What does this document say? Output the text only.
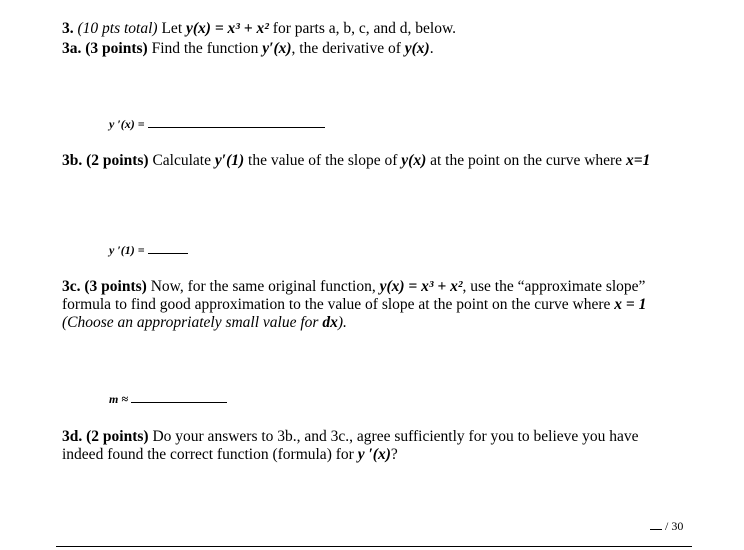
3. (10 pts total) Let y(x) = x³ + x² for parts a, b, c, and d, below.
3a. (3 points) Find the function y′(x), the derivative of y(x).
y ′(x) =
3b. (2 points) Calculate y′(1) the value of the slope of y(x) at the point on the curve where x=1
y ′(1) =
3c. (3 points) Now, for the same original function, y(x) = x³ + x², use the “approximate slope”
formula to find good approximation to the value of slope at the point on the curve where x = 1
(Choose an appropriately small value for dx).
m ≈
3d. (2 points) Do your answers to 3b., and 3c., agree sufficiently for you to believe you have
indeed found the correct function (formula) for y ′(x)?
/ 30
